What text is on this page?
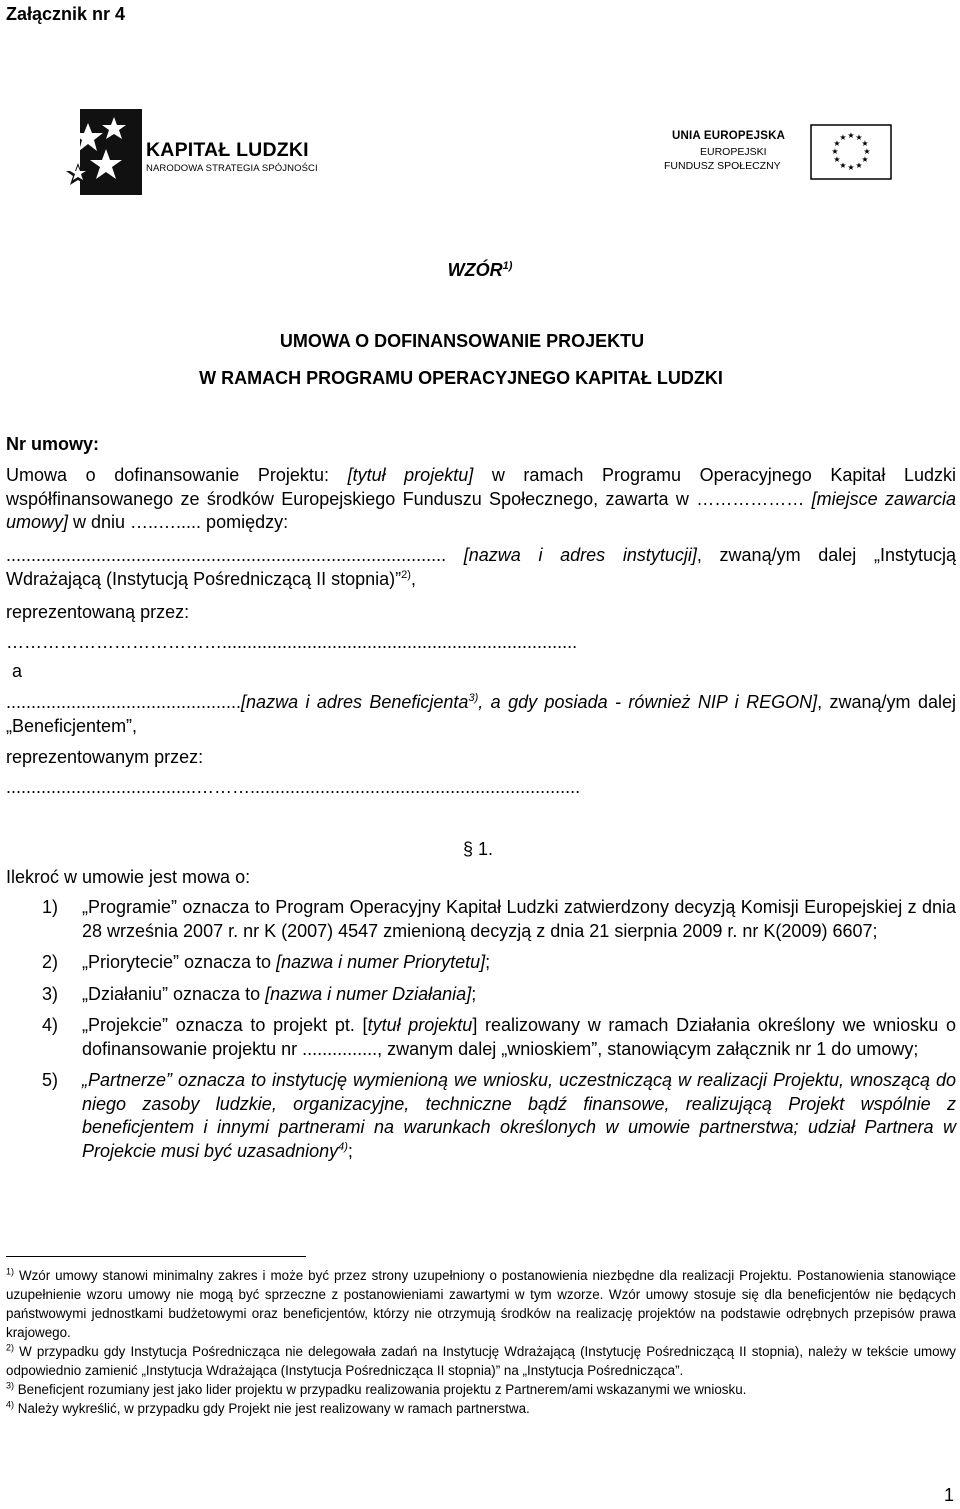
Załącznik nr 4
KAPITAŁ LUDZKI
NARODOWA STRATEGIA SPÓJNOŚCI
UNIA EUROPEJSKA
EUROPEJSKI
FUNDUSZ SPOŁECZNY
★ ★
★
★
★
★
★
★
★
★
★
★
WZÓR$^{1)}$
UMOWA O DOFINANSOWANIE PROJEKTU
W RAMACH PROGRAMU OPERACYJNEGO KAPITAŁ LUDZKI
Nr umowy:
Umowa o dofinansowanie Projektu: [tytuł projektu] w ramach Programu Operacyjnego Kapitał Ludzki współfinansowanego ze środków Europejskiego Funduszu Społecznego, zawarta w ……………… [miejsce zawarcia umowy] w dniu …..…..... pomiędzy:
........................................................................................ [nazwa i adres instytucji], zwaną/ym dalej „Instytucją Wdrażającą (Instytucją Pośredniczącą II stopnia)”$^{2)}$,
reprezentowaną przez:
……………………………….......................................................................
a
...............................................[nazwa i adres Beneficjenta$^{3)}$, a gdy posiada - również NIP i REGON], zwaną/ym dalej „Beneficjentem”,
reprezentowanym przez:
......................................………..................................................................
§ 1.
Ilekroć w umowie jest mowa o:
1) „Programie” oznacza to Program Operacyjny Kapitał Ludzki zatwierdzony decyzją Komisji Europejskiej z dnia 28 września 2007 r. nr K (2007) 4547 zmienioną decyzją z dnia 21 sierpnia 2009 r. nr K(2009) 6607;
2) „Priorytecie” oznacza to [nazwa i numer Priorytetu];
3) „Działaniu” oznacza to [nazwa i numer Działania];
4) „Projekcie” oznacza to projekt pt. [tytuł projektu] realizowany w ramach Działania określony we wniosku o dofinansowanie projektu nr ..............., zwanym dalej „wnioskiem”, stanowiącym załącznik nr 1 do umowy;
5) „Partnerze” oznacza to instytucję wymienioną we wniosku, uczestniczącą w realizacji Projektu, wnoszącą do niego zasoby ludzkie, organizacyjne, techniczne bądź finansowe, realizującą Projekt wspólnie z beneficjentem i innymi partnerami na warunkach określonych w umowie partnerstwa; udział Partnera w Projekcie musi być uzasadniony$^{4)}$;
$^{1)}$ Wzór umowy stanowi minimalny zakres i może być przez strony uzupełniony o postanowienia niezbędne dla realizacji Projektu. Postanowienia stanowiące uzupełnienie wzoru umowy nie mogą być sprzeczne z postanowieniami zawartymi w tym wzorze. Wzór umowy stosuje się dla beneficjentów nie będących państwowymi jednostkami budżetowymi oraz beneficjentów, którzy nie otrzymują środków na realizację projektów na podstawie odrębnych przepisów prawa krajowego.
$^{2)}$ W przypadku gdy Instytucja Pośrednicząca nie delegowała zadań na Instytucję Wdrażającą (Instytucję Pośredniczącą II stopnia), należy w tekście umowy odpowiednio zamienić „Instytucja Wdrażająca (Instytucja Pośrednicząca II stopnia)” na „Instytucja Pośrednicząca”.
$^{3)}$ Beneficjent rozumiany jest jako lider projektu w przypadku realizowania projektu z Partnerem/ami wskazanymi we wniosku.
$^{4)}$ Należy wykreślić, w przypadku gdy Projekt nie jest realizowany w ramach partnerstwa.
1
